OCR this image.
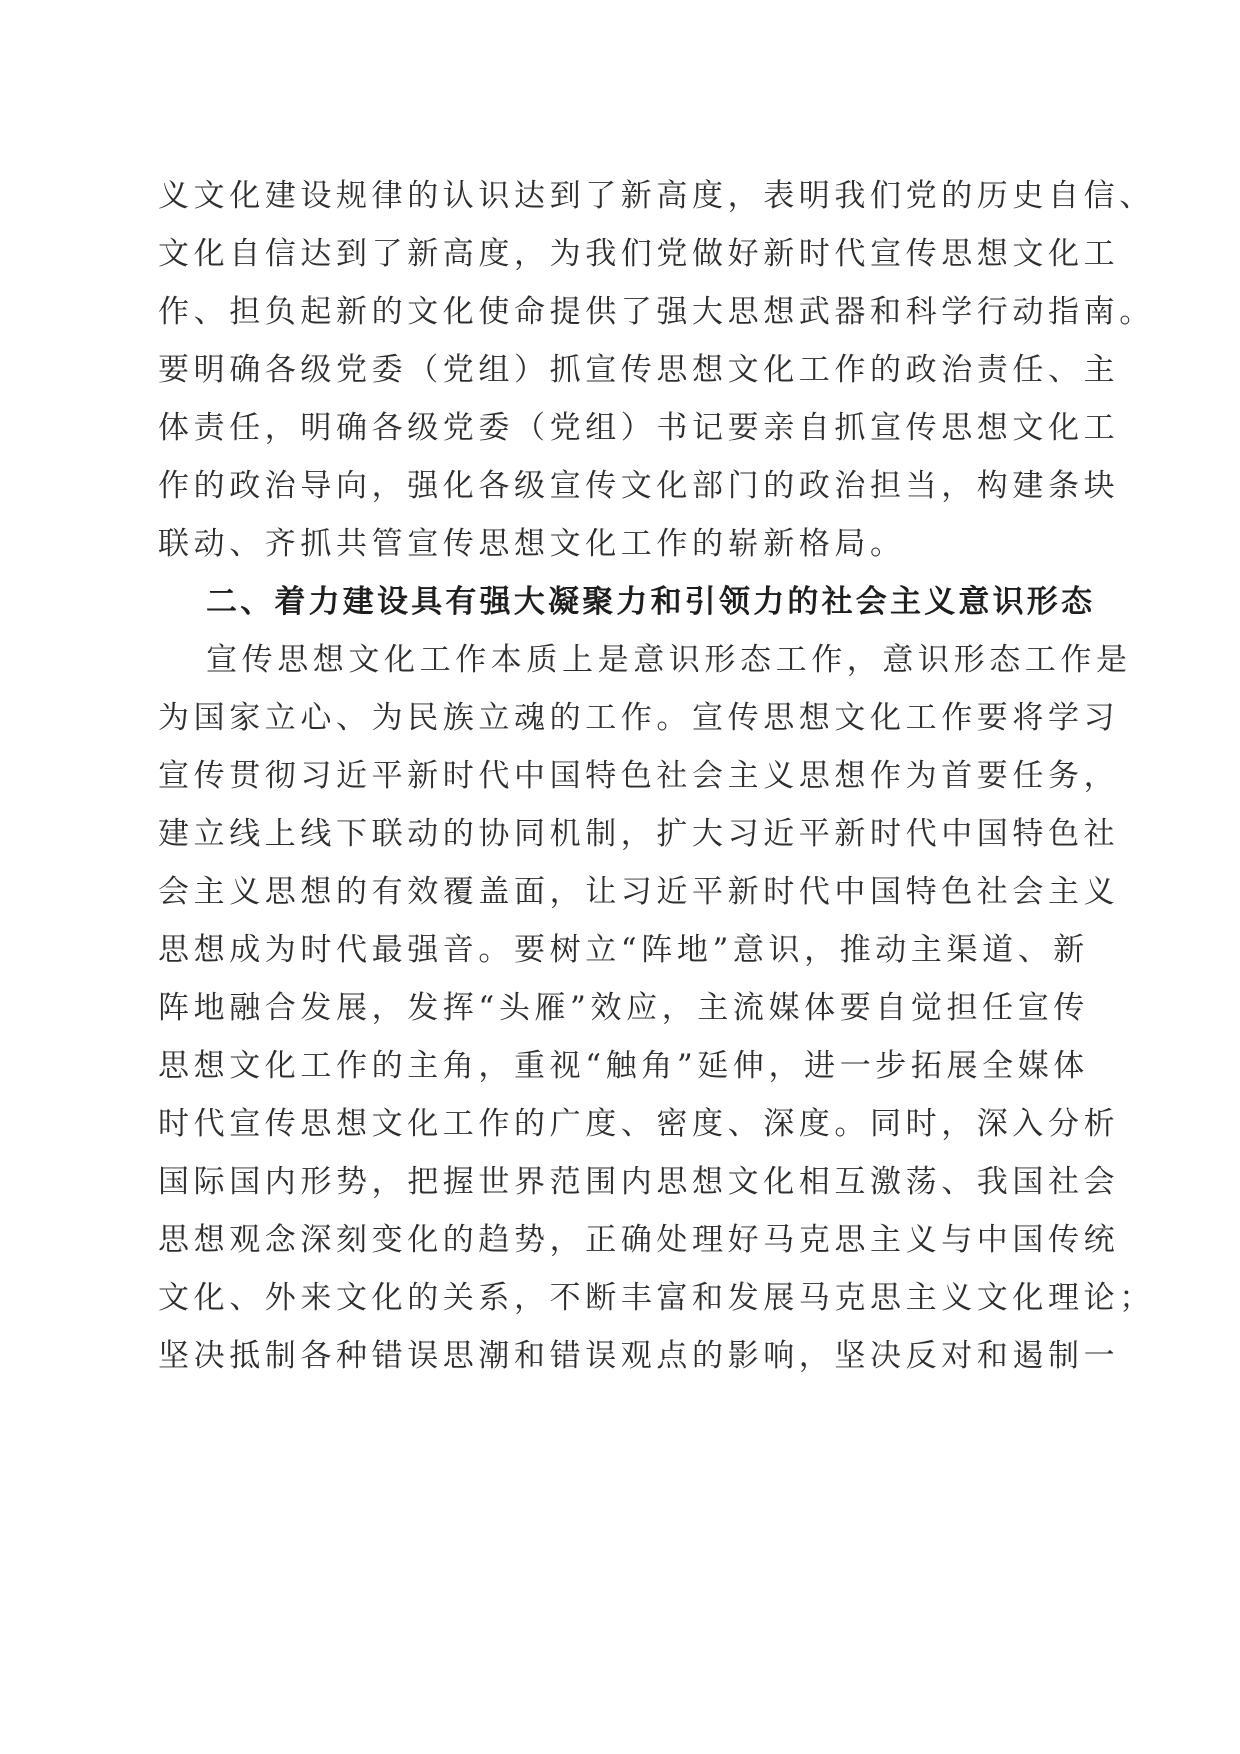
义文化建设规律的认识达到了新高度，表明我们党的历史自信、
文化自信达到了新高度，为我们党做好新时代宣传思想文化工
作、担负起新的文化使命提供了强大思想武器和科学行动指南。
要明确各级党委（党组）抓宣传思想文化工作的政治责任、主
体责任，明确各级党委（党组）书记要亲自抓宣传思想文化工
作的政治导向，强化各级宣传文化部门的政治担当，构建条块
联动、齐抓共管宣传思想文化工作的崭新格局。
二、着力建设具有强大凝聚力和引领力的社会主义意识形态
宣传思想文化工作本质上是意识形态工作，意识形态工作是
为国家立心、为民族立魂的工作。宣传思想文化工作要将学习
宣传贯彻习近平新时代中国特色社会主义思想作为首要任务，
建立线上线下联动的协同机制，扩大习近平新时代中国特色社
会主义思想的有效覆盖面，让习近平新时代中国特色社会主义
思想成为时代最强音。要树立“阵地”意识，推动主渠道、新
阵地融合发展，发挥“头雁”效应，主流媒体要自觉担任宣传
思想文化工作的主角，重视“触角”延伸，进一步拓展全媒体
时代宣传思想文化工作的广度、密度、深度。同时，深入分析
国际国内形势，把握世界范围内思想文化相互激荡、我国社会
思想观念深刻变化的趋势，正确处理好马克思主义与中国传统
文化、外来文化的关系，不断丰富和发展马克思主义文化理论；
坚决抵制各种错误思潮和错误观点的影响，坚决反对和遏制一
